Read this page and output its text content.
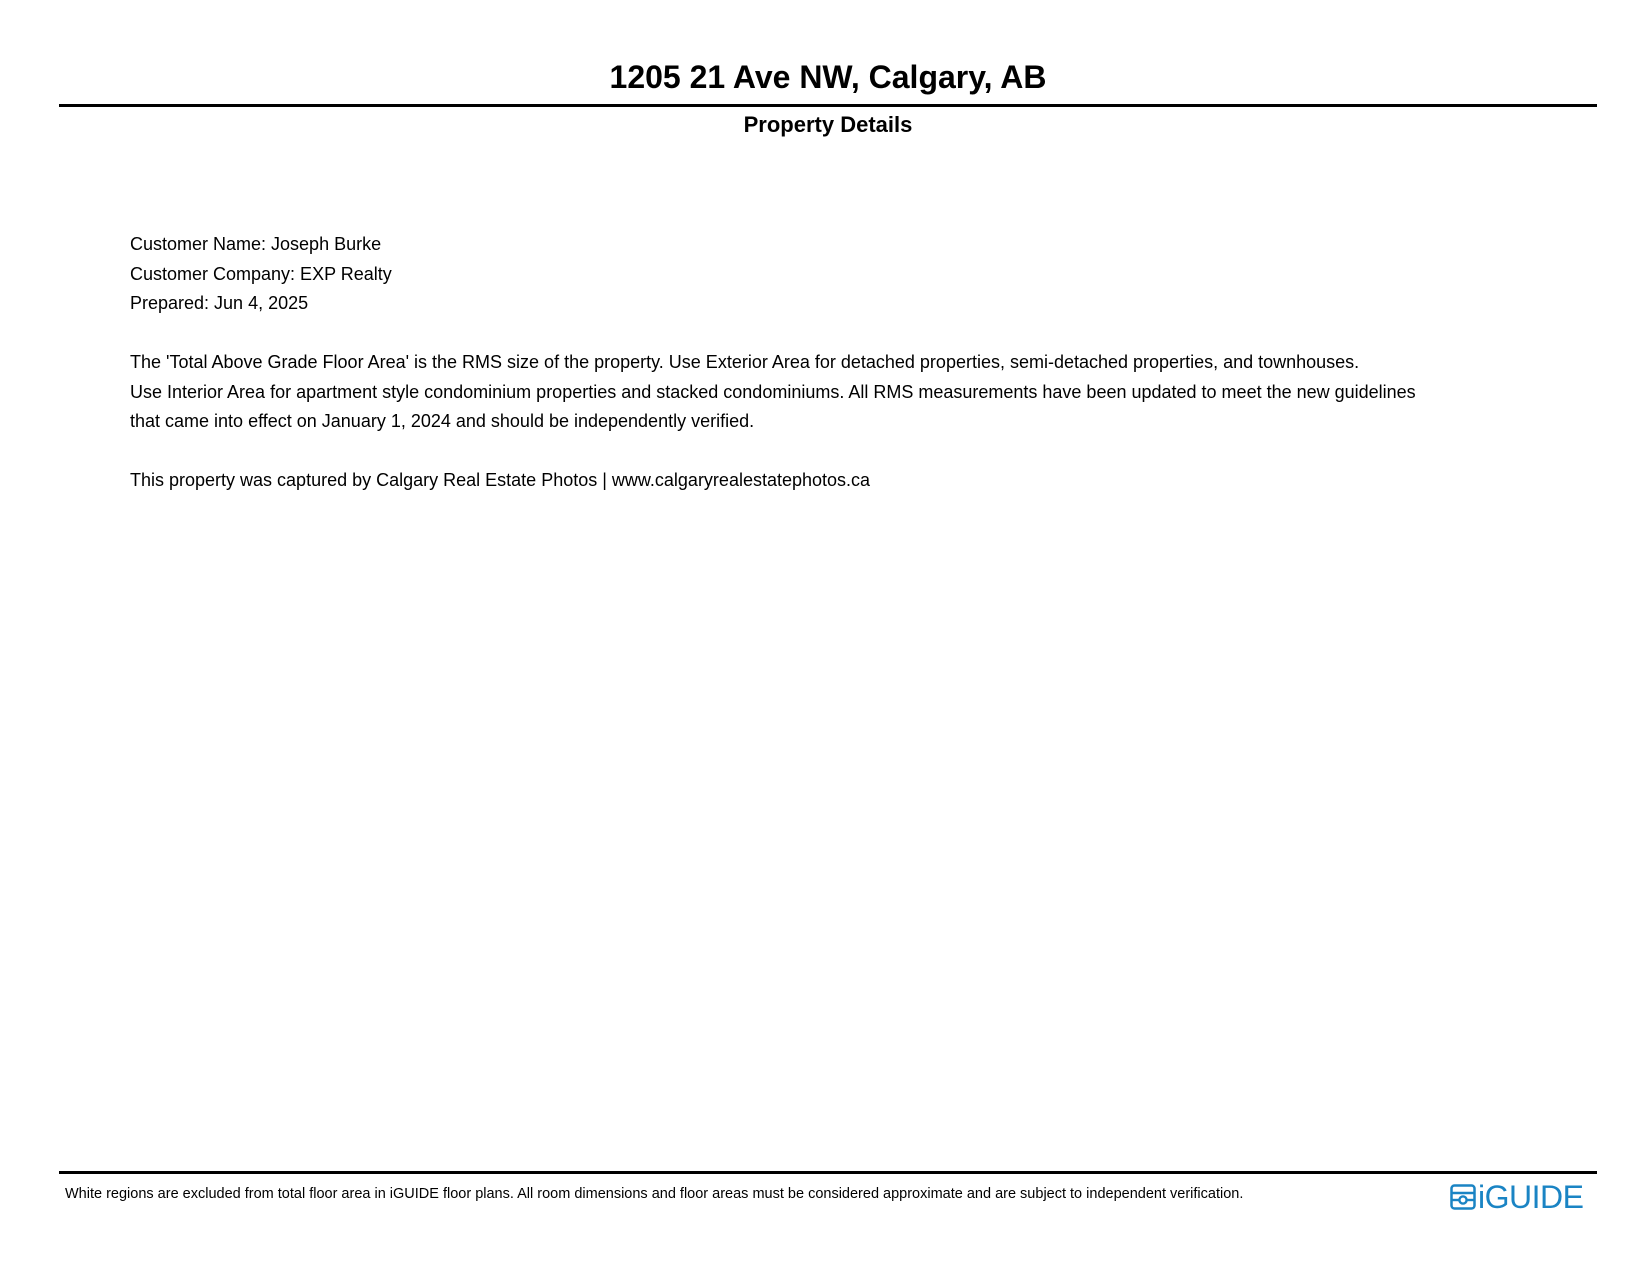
1205 21 Ave NW, Calgary, AB
Property Details
Customer Name: Joseph Burke
Customer Company: EXP Realty
Prepared: Jun 4, 2025
The 'Total Above Grade Floor Area' is the RMS size of the property. Use Exterior Area for detached properties, semi-detached properties, and townhouses.
Use Interior Area for apartment style condominium properties and stacked condominiums. All RMS measurements have been updated to meet the new guidelines
that came into effect on January 1, 2024 and should be independently verified.
This property was captured by Calgary Real Estate Photos | www.calgaryrealestatephotos.ca
White regions are excluded from total floor area in iGUIDE floor plans. All room dimensions and floor areas must be considered approximate and are subject to independent verification.	iGUIDE
